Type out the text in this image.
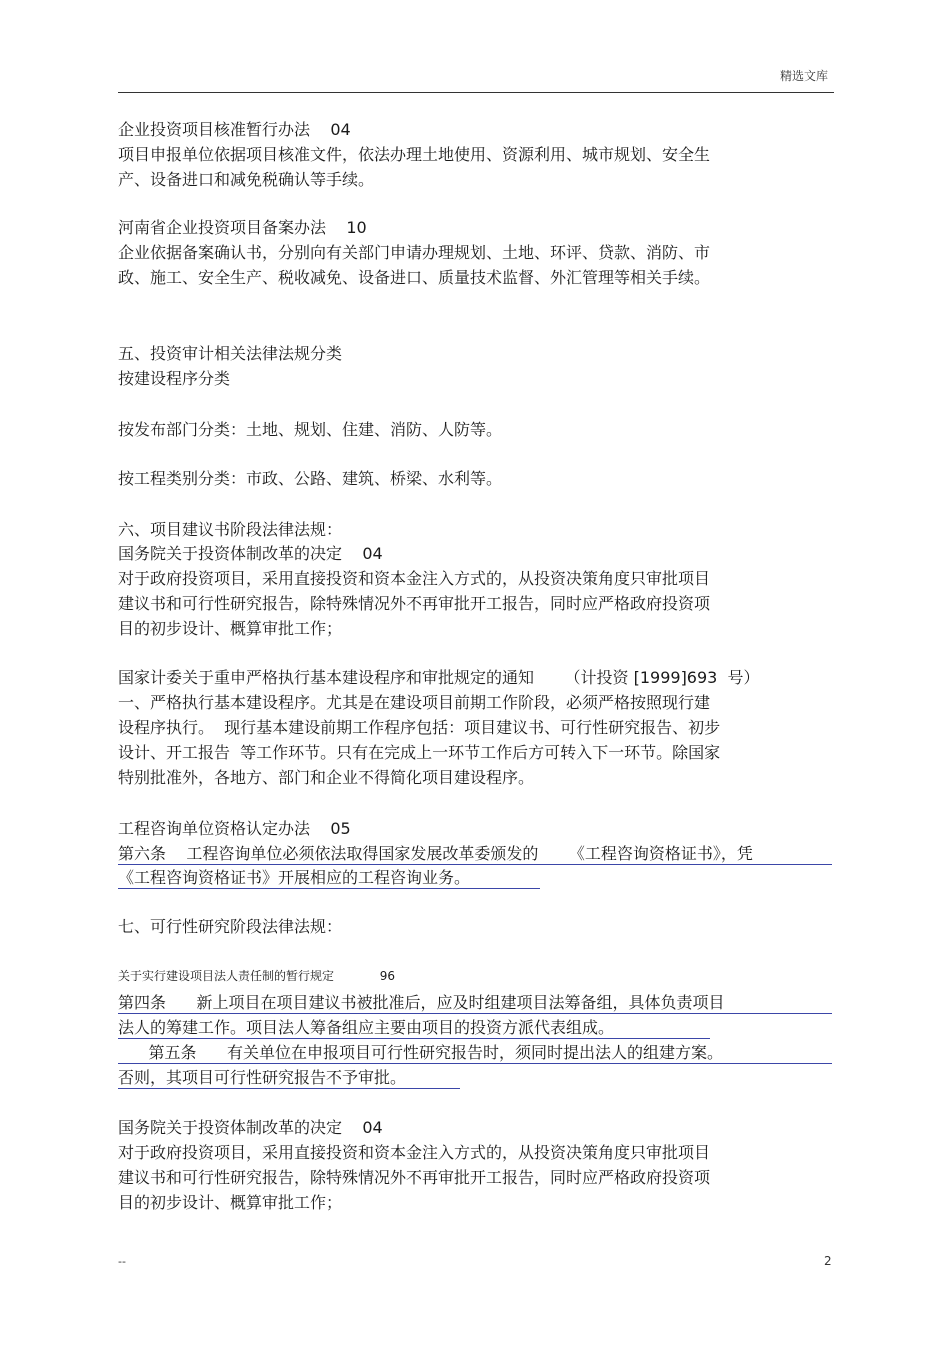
精选文库
企业投资项目核准暂行办法    04
项目申报单位依据项目核准文件，依法办理土地使用、资源利用、城市规划、安全生
产、设备进口和减免税确认等手续。
河南省企业投资项目备案办法    10
企业依据备案确认书，分别向有关部门申请办理规划、土地、环评、贷款、消防、市
政、施工、安全生产、税收减免、设备进口、质量技术监督、外汇管理等相关手续。
五、投资审计相关法律法规分类
按建设程序分类
按发布部门分类：土地、规划、住建、消防、人防等。
按工程类别分类：市政、公路、建筑、桥梁、水利等。
六、项目建议书阶段法律法规：
国务院关于投资体制改革的决定    04
对于政府投资项目，采用直接投资和资本金注入方式的，从投资决策角度只审批项目
建议书和可行性研究报告，除特殊情况外不再审批开工报告，同时应严格政府投资项
目的初步设计、概算审批工作；
国家计委关于重申严格执行基本建设程序和审批规定的通知      （计投资 [1999]693  号）
一、严格执行基本建设程序。尤其是在建设项目前期工作阶段，必须严格按照现行建
设程序执行。  现行基本建设前期工作程序包括：项目建议书、可行性研究报告、初步
设计、开工报告  等工作环节。只有在完成上一环节工作后方可转入下一环节。除国家
特别批准外，各地方、部门和企业不得简化项目建设程序。
工程咨询单位资格认定办法    05
第六条    工程咨询单位必须依法取得国家发展改革委颁发的      《工程咨询资格证书》，凭
《工程咨询资格证书》开展相应的工程咨询业务。
七、可行性研究阶段法律法规：
关于实行建设项目法人责任制的暂行规定            96
第四条      新上项目在项目建议书被批准后，应及时组建项目法筹备组，具体负责项目
法人的筹建工作。项目法人筹备组应主要由项目的投资方派代表组成。
第五条      有关单位在申报项目可行性研究报告时，须同时提出法人的组建方案。
否则，其项目可行性研究报告不予审批。
国务院关于投资体制改革的决定    04
对于政府投资项目，采用直接投资和资本金注入方式的，从投资决策角度只审批项目
建议书和可行性研究报告，除特殊情况外不再审批开工报告，同时应严格政府投资项
目的初步设计、概算审批工作；
--	2
